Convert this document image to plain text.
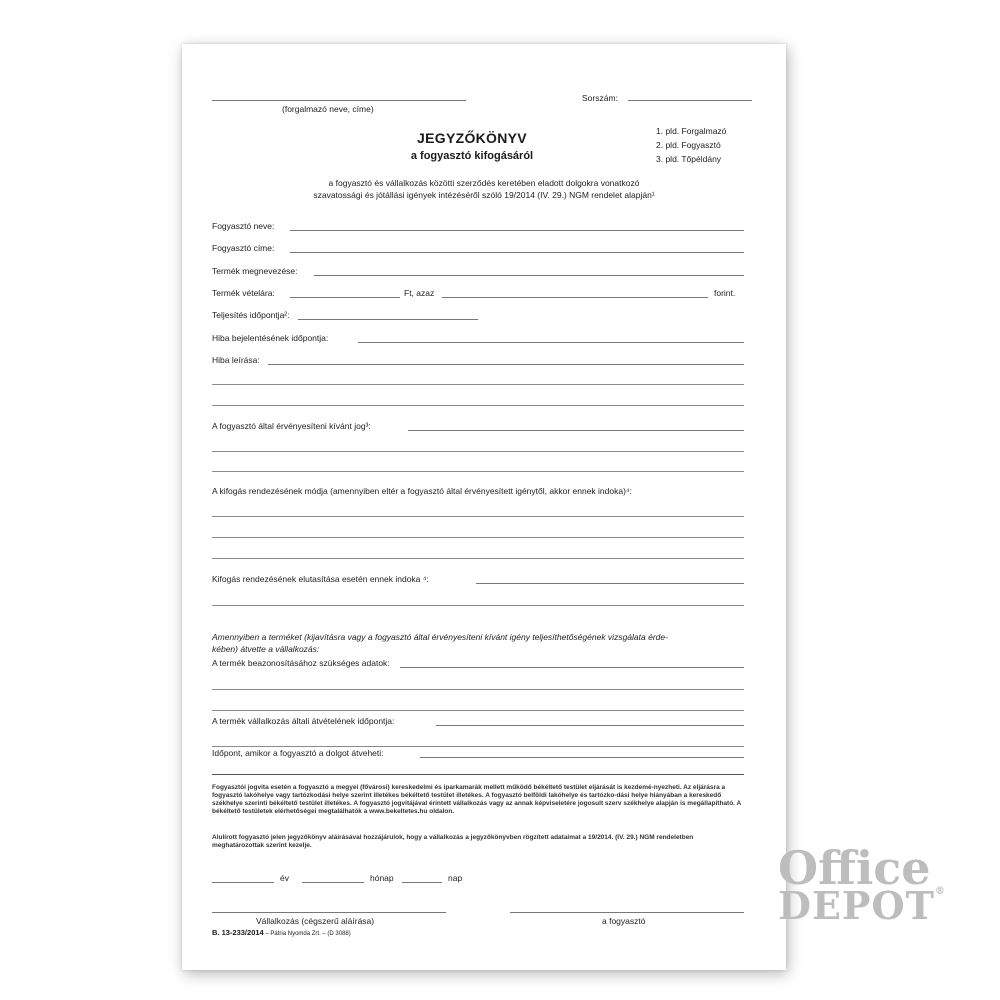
(forgalmazó neve, címe)
Sorszám:
JEGYZŐKÖNYV
a fogyasztó kifogásáról
1. pld. Forgalmazó
2. pld. Fogyasztó
3. pld. Tőpéldány
a fogyasztó és vállalkozás közötti szerződés keretében eladott dolgokra vonatkozó
szavatossági és jótállási igények intézéséről szóló 19/2014 (IV. 29.) NGM rendelet alapján¹
Fogyasztó neve:
Fogyasztó címe:
Termék megnevezése:
Termék vételára:	Ft, azaz	forint.
Teljesítés időpontja²:
Hiba bejelentésének időpontja:
Hiba leírása:
A fogyasztó által érvényesíteni kívánt jog³:
A kifogás rendezésének módja (amennyiben eltér a fogyasztó által érvényesített igénytől, akkor ennek indoka)⁴:
Kifogás rendezésének elutasítása esetén ennek indoka ⁴:
Amennyiben a terméket (kijavításra vagy a fogyasztó által érvényesíteni kívánt igény teljesíthetőségének vizsgálata érde-
kében) átvette a vállalkozás:
A termék beazonosításához szükséges adatok:
A termék vállalkozás általi átvételének időpontja:
Időpont, amikor a fogyasztó a dolgot átveheti:
Fogyasztói jogvita esetén a fogyasztó a megyei (fővárosi) kereskedelmi és iparkamarák mellett működő békéltető testület eljárását is kezdemé-nyezheti. Az eljárásra a fogyasztó lakóhelye vagy tartózkodási helye szerint illetékes békéltető testület illetékes. A fogyasztó belföldi lakóhelye és tartózko-dási helye hiányában a kereskedő székhelye szerinti békéltető testület illetékes. A fogyasztó jogvitájával érintett vállalkozás vagy az annak képviseletére jogosult szerv székhelye alapján is megállapítható. A békéltető testületek elérhetőségei megtalálhatók a www.bekeltetes.hu oldalon.
Alulírott fogyasztó jelen jegyzőkönyv aláírásával hozzájárulok, hogy a vállalkozás a jegyzőkönyvben rögzített adataimat a 19/2014. (IV. 29.) NGM rendeletben meghatározottak szerint kezelje.
év	hónap	nap
Vállalkozás (cégszerű aláírása)	a fogyasztó
B. 13-233/2014 – Pátria Nyomda Zrt. – (D 3088)
Office
DEPOT®
